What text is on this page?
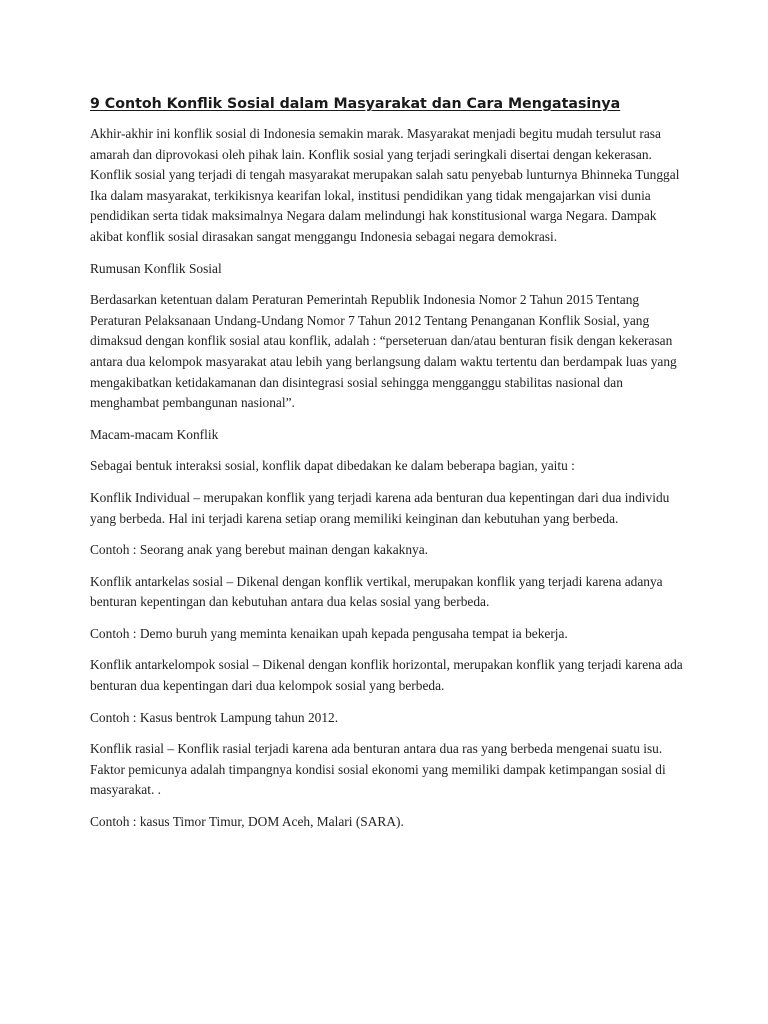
9 Contoh Konflik Sosial dalam Masyarakat dan Cara Mengatasinya

Akhir-akhir ini konflik sosial di Indonesia semakin marak. Masyarakat menjadi begitu mudah tersulut rasa amarah dan diprovokasi oleh pihak lain. Konflik sosial yang terjadi seringkali disertai dengan kekerasan. Konflik sosial yang terjadi di tengah masyarakat merupakan salah satu penyebab lunturnya Bhinneka Tunggal Ika dalam masyarakat, terkikisnya kearifan lokal, institusi pendidikan yang tidak mengajarkan visi dunia pendidikan serta tidak maksimalnya Negara dalam melindungi hak konstitusional warga Negara. Dampak akibat konflik sosial dirasakan sangat menggangu Indonesia sebagai negara demokrasi.

Rumusan Konflik Sosial

Berdasarkan ketentuan dalam Peraturan Pemerintah Republik Indonesia Nomor 2 Tahun 2015 Tentang Peraturan Pelaksanaan Undang-Undang Nomor 7 Tahun 2012 Tentang Penanganan Konflik Sosial, yang dimaksud dengan konflik sosial atau konflik, adalah : “perseteruan dan/atau benturan fisik dengan kekerasan antara dua kelompok masyarakat atau lebih yang berlangsung dalam waktu tertentu dan berdampak luas yang mengakibatkan ketidakamanan dan disintegrasi sosial sehingga mengganggu stabilitas nasional dan menghambat pembangunan nasional”.

Macam-macam Konflik

Sebagai bentuk interaksi sosial, konflik dapat dibedakan ke dalam beberapa bagian, yaitu :

Konflik Individual – merupakan konflik yang terjadi karena ada benturan dua kepentingan dari dua individu yang berbeda. Hal ini terjadi karena setiap orang memiliki keinginan dan kebutuhan yang berbeda.

Contoh : Seorang anak yang berebut mainan dengan kakaknya.

Konflik antarkelas sosial – Dikenal dengan konflik vertikal, merupakan konflik yang terjadi karena adanya benturan kepentingan dan kebutuhan antara dua kelas sosial yang berbeda.

Contoh : Demo buruh yang meminta kenaikan upah kepada pengusaha tempat ia bekerja.

Konflik antarkelompok sosial – Dikenal dengan konflik horizontal, merupakan konflik yang terjadi karena ada benturan dua kepentingan dari dua kelompok sosial yang berbeda.

Contoh : Kasus bentrok Lampung tahun 2012.

Konflik rasial – Konflik rasial terjadi karena ada benturan antara dua ras yang berbeda mengenai suatu isu. Faktor pemicunya adalah timpangnya kondisi sosial ekonomi yang memiliki dampak ketimpangan sosial di masyarakat. .

Contoh : kasus Timor Timur, DOM Aceh, Malari (SARA).
